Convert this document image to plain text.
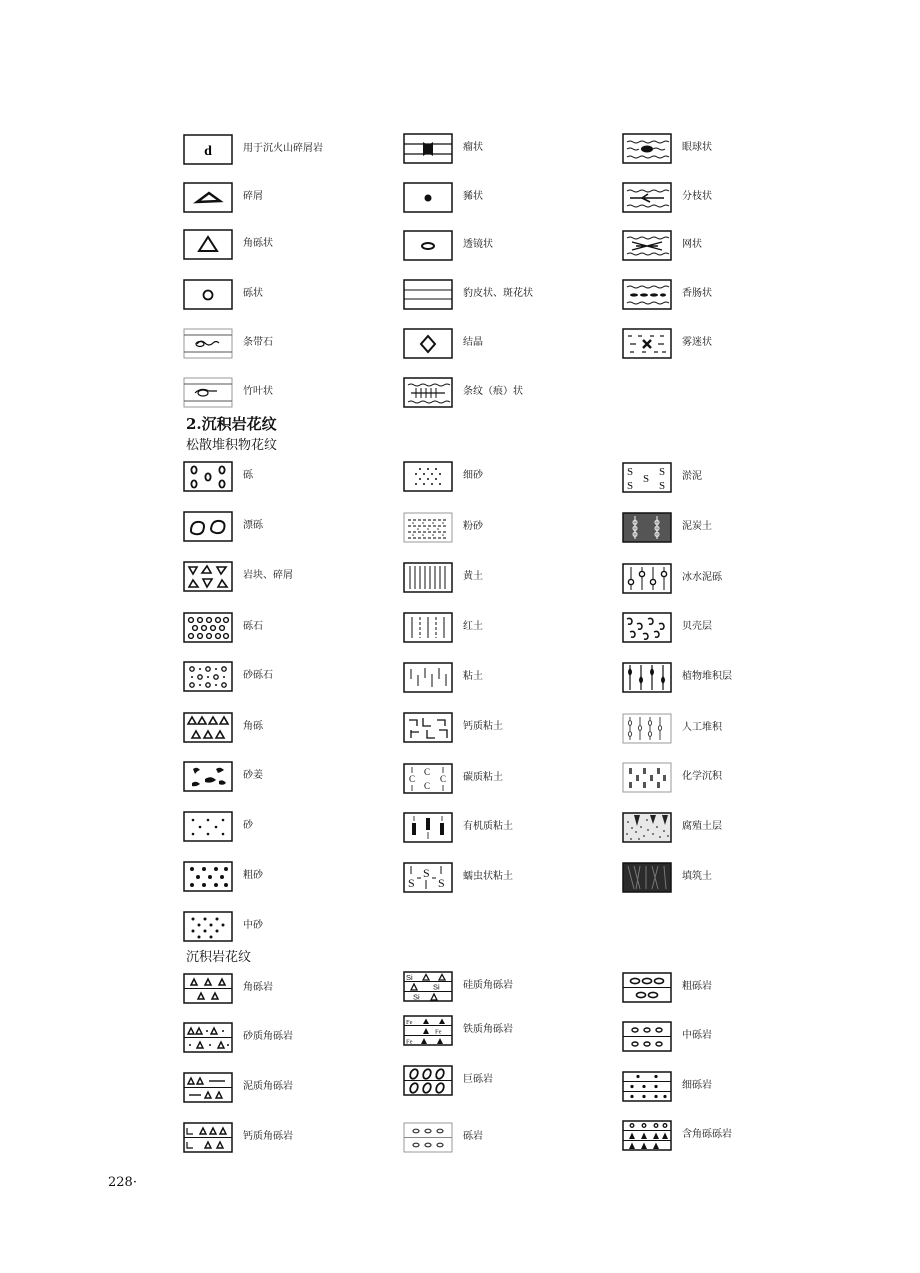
d	用于沉火山碎屑岩
碎屑
角砾状
砾状
条带石
竹叶状
瘤状
豨状
透镜状
豹皮状、斑花状
结晶
条纹（痕）状
眼球状
分枝状
网状
香肠状
雾迷状
2.沉积岩花纹
松散堆积物花纹
砾
漂砾
岩块、碎屑
砾石
砂砾石
角砾
砂姜
砂
粗砂
中砂
细砂
粉砂
黄土
红土
粘土
钙质粘土
C
C
C
C 碳质粘土
有机质粘土
S
S
S 蠕虫状粘土
S
S
S
S
S
淤泥
泥炭土
冰水泥砾
贝壳层
植物堆积层
人工堆积
化学沉积
腐殖土层
填筑土
沉积岩花纹
角砾岩
砂质角砾岩
泥质角砾岩
钙质角砾岩
Si
Si
Si
硅质角砾岩
Fe
Fe
Fe
铁质角砾岩
巨砾岩
砾岩
粗砾岩
中砾岩
细砾岩
含角砾砾岩
228·
